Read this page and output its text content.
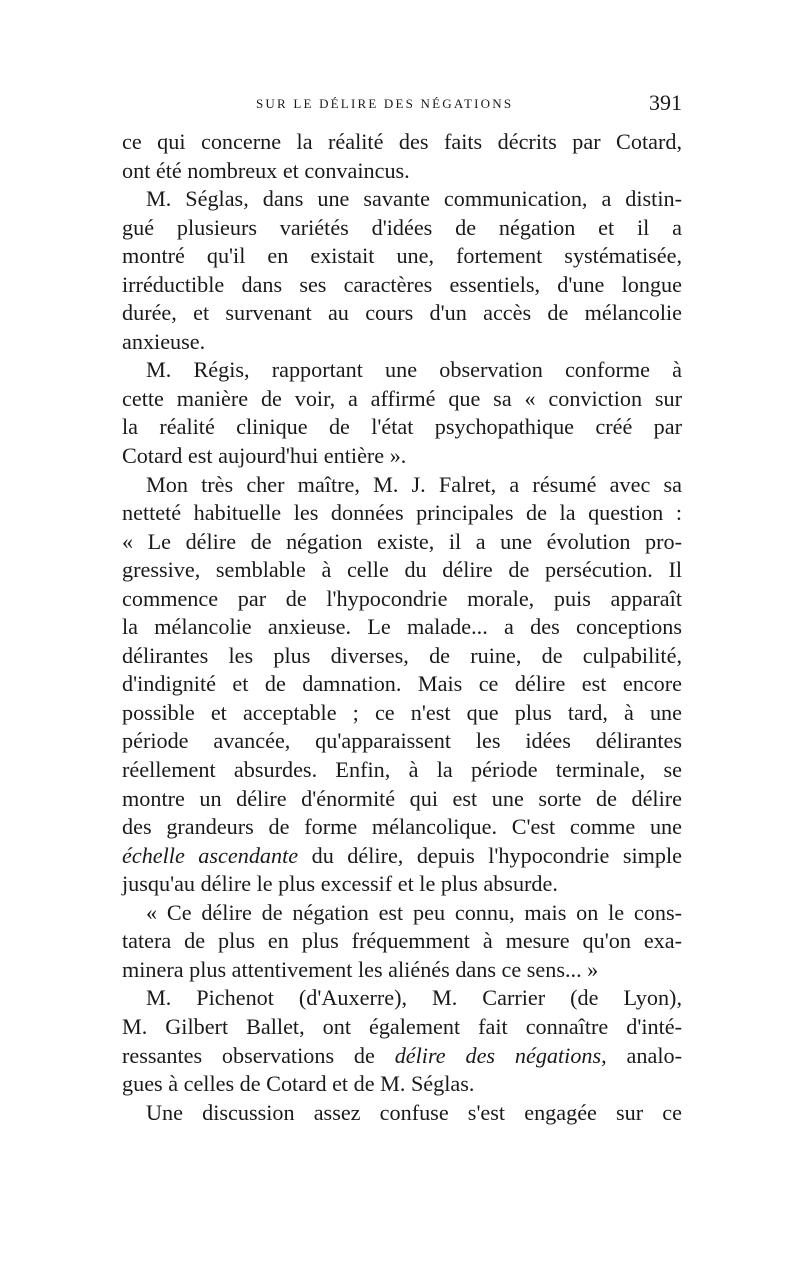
SUR LE DÉLIRE DES NÉGATIONS	391
ce qui concerne la réalité des faits décrits par Cotard,
ont été nombreux et convaincus.
M. Séglas, dans une savante communication, a distin-
gué plusieurs variétés d'idées de négation et il a
montré qu'il en existait une, fortement systématisée,
irréductible dans ses caractères essentiels, d'une longue
durée, et survenant au cours d'un accès de mélancolie
anxieuse.
M. Régis, rapportant une observation conforme à
cette manière de voir, a affirmé que sa « conviction sur
la réalité clinique de l'état psychopathique créé par
Cotard est aujourd'hui entière ».
Mon très cher maître, M. J. Falret, a résumé avec sa
netteté habituelle les données principales de la question :
« Le délire de négation existe, il a une évolution pro-
gressive, semblable à celle du délire de persécution. Il
commence par de l'hypocondrie morale, puis apparaît
la mélancolie anxieuse. Le malade... a des conceptions
délirantes les plus diverses, de ruine, de culpabilité,
d'indignité et de damnation. Mais ce délire est encore
possible et acceptable ; ce n'est que plus tard, à une
période avancée, qu'apparaissent les idées délirantes
réellement absurdes. Enfin, à la période terminale, se
montre un délire d'énormité qui est une sorte de délire
des grandeurs de forme mélancolique. C'est comme une
échelle ascendante du délire, depuis l'hypocondrie simple
jusqu'au délire le plus excessif et le plus absurde.
« Ce délire de négation est peu connu, mais on le cons-
tatera de plus en plus fréquemment à mesure qu'on exa-
minera plus attentivement les aliénés dans ce sens... »
M. Pichenot (d'Auxerre), M. Carrier (de Lyon),
M. Gilbert Ballet, ont également fait connaître d'inté-
ressantes observations de délire des négations, analo-
gues à celles de Cotard et de M. Séglas.
Une discussion assez confuse s'est engagée sur ce
